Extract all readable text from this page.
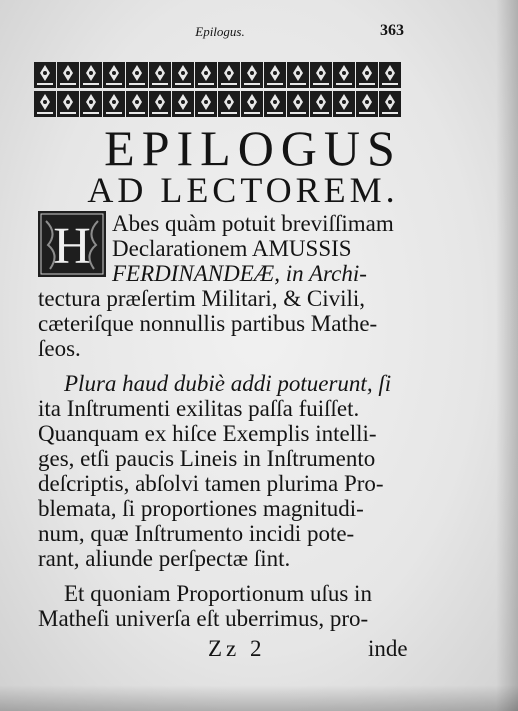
Epilogus.	363
EPILOGUS
AD LECTOREM.
H Abes quàm potuit breviſſimam
Declarationem AMUSSIS
FERDINANDEÆ, in Archi-
tectura præſertim Militari, & Civili,
cæteriſque nonnullis partibus Mathe-
ſeos.
Plura haud dubiè addi potuerunt, ſi
ita Inſtrumenti exilitas paſſa fuiſſet.
Quanquam ex hiſce Exemplis intelli-
ges, etſi paucis Lineis in Inſtrumento
deſcriptis, abſolvi tamen plurima Pro-
blemata, ſi proportiones magnitudi-
num, quæ Inſtrumento incidi pote-
rant, aliunde perſpectæ ſint.
Et quoniam Proportionum uſus in
Matheſi univerſa eſt uberrimus, pro-
Zz 2	inde
